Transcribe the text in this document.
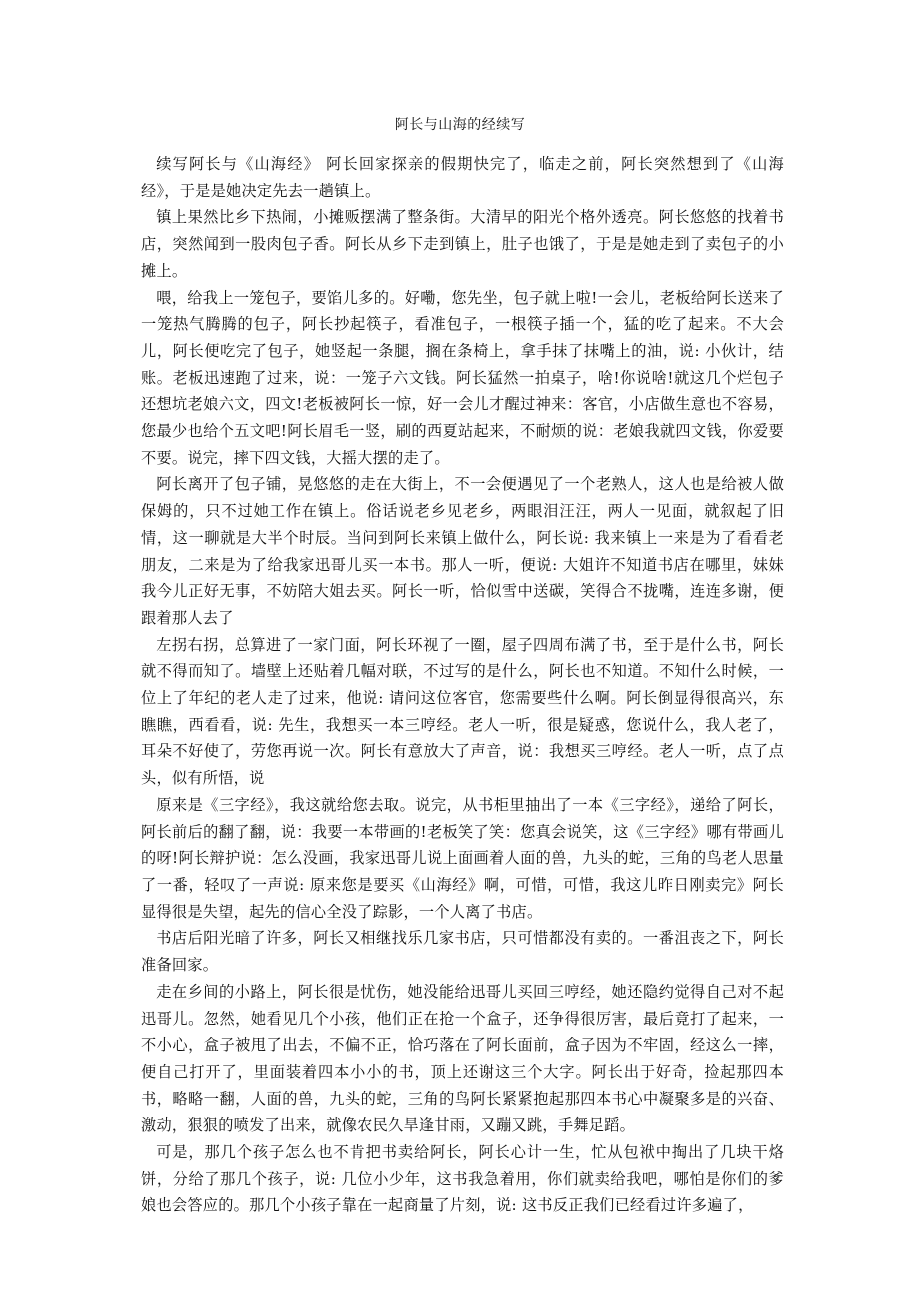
阿长与山海的经续写

续写阿长与《山海经》 阿长回家探亲的假期快完了，临走之前，阿长突然想到了《山海经》，于是是她决定先去一趟镇上。

镇上果然比乡下热闹，小摊贩摆满了整条街。大清早的阳光个格外透亮。阿长悠悠的找着书店，突然闻到一股肉包子香。阿长从乡下走到镇上，肚子也饿了，于是是她走到了卖包子的小摊上。

喂，给我上一笼包子，要馅儿多的。好嘞，您先坐，包子就上啦!一会儿，老板给阿长送来了一笼热气腾腾的包子，阿长抄起筷子，看准包子，一根筷子插一个，猛的吃了起来。不大会儿，阿长便吃完了包子，她竖起一条腿，搁在条椅上，拿手抹了抹嘴上的油，说: 小伙计，结账。老板迅速跑了过来，说：一笼子六文钱。阿长猛然一拍桌子，啥!你说啥!就这几个烂包子还想坑老娘六文，四文!老板被阿长一惊，好一会儿才醒过神来：客官，小店做生意也不容易，您最少也给个五文吧!阿长眉毛一竖，刷的西夏站起来，不耐烦的说：老娘我就四文钱，你爱要不要。说完，摔下四文钱，大摇大摆的走了。

阿长离开了包子铺，晃悠悠的走在大街上，不一会便遇见了一个老熟人，这人也是给被人做保姆的，只不过她工作在镇上。俗话说老乡见老乡，两眼泪汪汪，两人一见面，就叙起了旧情，这一聊就是大半个时辰。当问到阿长来镇上做什么，阿长说: 我来镇上一来是为了看看老朋友，二来是为了给我家迅哥儿买一本书。那人一听，便说: 大姐许不知道书店在哪里，妹妹我今儿正好无事，不妨陪大姐去买。阿长一听，恰似雪中送碳，笑得合不拢嘴，连连多谢，便跟着那人去了

左拐右拐，总算进了一家门面，阿长环视了一圈，屋子四周布满了书，至于是什么书，阿长就不得而知了。墙壁上还贴着几幅对联，不过写的是什么，阿长也不知道。不知什么时候，一位上了年纪的老人走了过来，他说: 请问这位客官，您需要些什么啊。阿长倒显得很高兴，东瞧瞧，西看看，说: 先生，我想买一本三哼经。老人一听，很是疑惑，您说什么，我人老了，耳朵不好使了，劳您再说一次。阿长有意放大了声音，说：我想买三哼经。老人一听，点了点头，似有所悟，说

原来是《三字经》，我这就给您去取。说完，从书柜里抽出了一本《三字经》，递给了阿长，阿长前后的翻了翻，说：我要一本带画的!老板笑了笑：您真会说笑，这《三字经》哪有带画儿的呀!阿长辩护说：怎么没画，我家迅哥儿说上面画着人面的兽，九头的蛇，三角的鸟老人思量了一番，轻叹了一声说: 原来您是要买《山海经》啊，可惜，可惜，我这儿昨日刚卖完》阿长显得很是失望，起先的信心全没了踪影，一个人离了书店。

书店后阳光暗了许多，阿长又相继找乐几家书店，只可惜都没有卖的。一番沮丧之下，阿长准备回家。

走在乡间的小路上，阿长很是忧伤，她没能给迅哥儿买回三哼经，她还隐约觉得自己对不起迅哥儿。忽然，她看见几个小孩，他们正在抢一个盒子，还争得很厉害，最后竟打了起来，一不小心，盒子被甩了出去，不偏不正，恰巧落在了阿长面前，盒子因为不牢固，经这么一摔，便自己打开了，里面装着四本小小的书，顶上还谢这三个大字。阿长出于好奇，捡起那四本书，略略一翻，人面的兽，九头的蛇，三角的鸟阿长紧紧抱起那四本书心中凝聚多是的兴奋、激动，狠狠的喷发了出来，就像农民久旱逢甘雨，又蹦又跳，手舞足蹈。

可是，那几个孩子怎么也不肯把书卖给阿长，阿长心计一生，忙从包袱中掏出了几块干烙饼，分给了那几个孩子，说: 几位小少年，这书我急着用，你们就卖给我吧，哪怕是你们的爹娘也会答应的。那几个小孩子靠在一起商量了片刻，说: 这书反正我们已经看过许多遍了，
